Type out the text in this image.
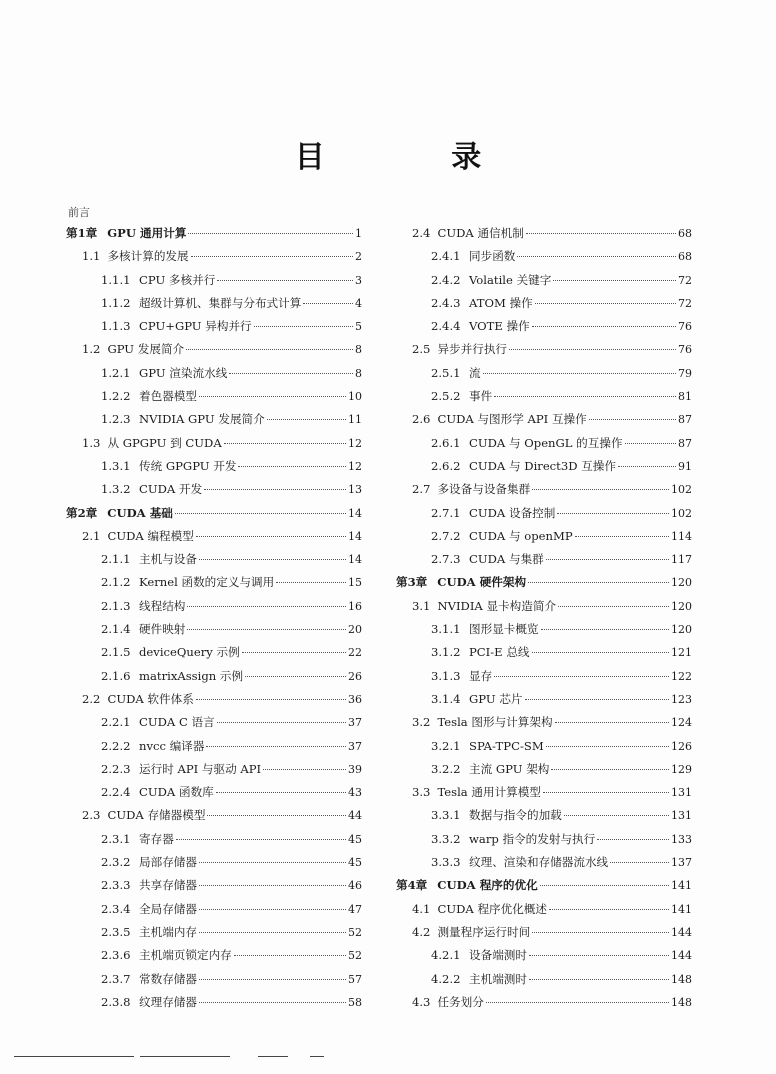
目 录
前言
第1章 GPU 通用计算	1
1.1 多核计算的发展	2
1.1.1 CPU 多核并行	3
1.1.2 超级计算机、集群与分布式计算	4
1.1.3 CPU+GPU 异构并行	5
1.2 GPU 发展简介	8
1.2.1 GPU 渲染流水线	8
1.2.2 着色器模型	10
1.2.3 NVIDIA GPU 发展简介	11
1.3 从 GPGPU 到 CUDA	12
1.3.1 传统 GPGPU 开发	12
1.3.2 CUDA 开发	13
第2章 CUDA 基础	14
2.1 CUDA 编程模型	14
2.1.1 主机与设备	14
2.1.2 Kernel 函数的定义与调用	15
2.1.3 线程结构	16
2.1.4 硬件映射	20
2.1.5 deviceQuery 示例	22
2.1.6 matrixAssign 示例	26
2.2 CUDA 软件体系	36
2.2.1 CUDA C 语言	37
2.2.2 nvcc 编译器	37
2.2.3 运行时 API 与驱动 API	39
2.2.4 CUDA 函数库	43
2.3 CUDA 存储器模型	44
2.3.1 寄存器	45
2.3.2 局部存储器	45
2.3.3 共享存储器	46
2.3.4 全局存储器	47
2.3.5 主机端内存	52
2.3.6 主机端页锁定内存	52
2.3.7 常数存储器	57
2.3.8 纹理存储器	58
2.4 CUDA 通信机制	68
2.4.1 同步函数	68
2.4.2 Volatile 关键字	72
2.4.3 ATOM 操作	72
2.4.4 VOTE 操作	76
2.5 异步并行执行	76
2.5.1 流	79
2.5.2 事件	81
2.6 CUDA 与图形学 API 互操作	87
2.6.1 CUDA 与 OpenGL 的互操作	87
2.6.2 CUDA 与 Direct3D 互操作	91
2.7 多设备与设备集群	102
2.7.1 CUDA 设备控制	102
2.7.2 CUDA 与 openMP	114
2.7.3 CUDA 与集群	117
第3章 CUDA 硬件架构	120
3.1 NVIDIA 显卡构造简介	120
3.1.1 图形显卡概览	120
3.1.2 PCI-E 总线	121
3.1.3 显存	122
3.1.4 GPU 芯片	123
3.2 Tesla 图形与计算架构	124
3.2.1 SPA-TPC-SM	126
3.2.2 主流 GPU 架构	129
3.3 Tesla 通用计算模型	131
3.3.1 数据与指令的加载	131
3.3.2 warp 指令的发射与执行	133
3.3.3 纹理、渲染和存储器流水线	137
第4章 CUDA 程序的优化	141
4.1 CUDA 程序优化概述	141
4.2 测量程序运行时间	144
4.2.1 设备端测时	144
4.2.2 主机端测时	148
4.3 任务划分	148
